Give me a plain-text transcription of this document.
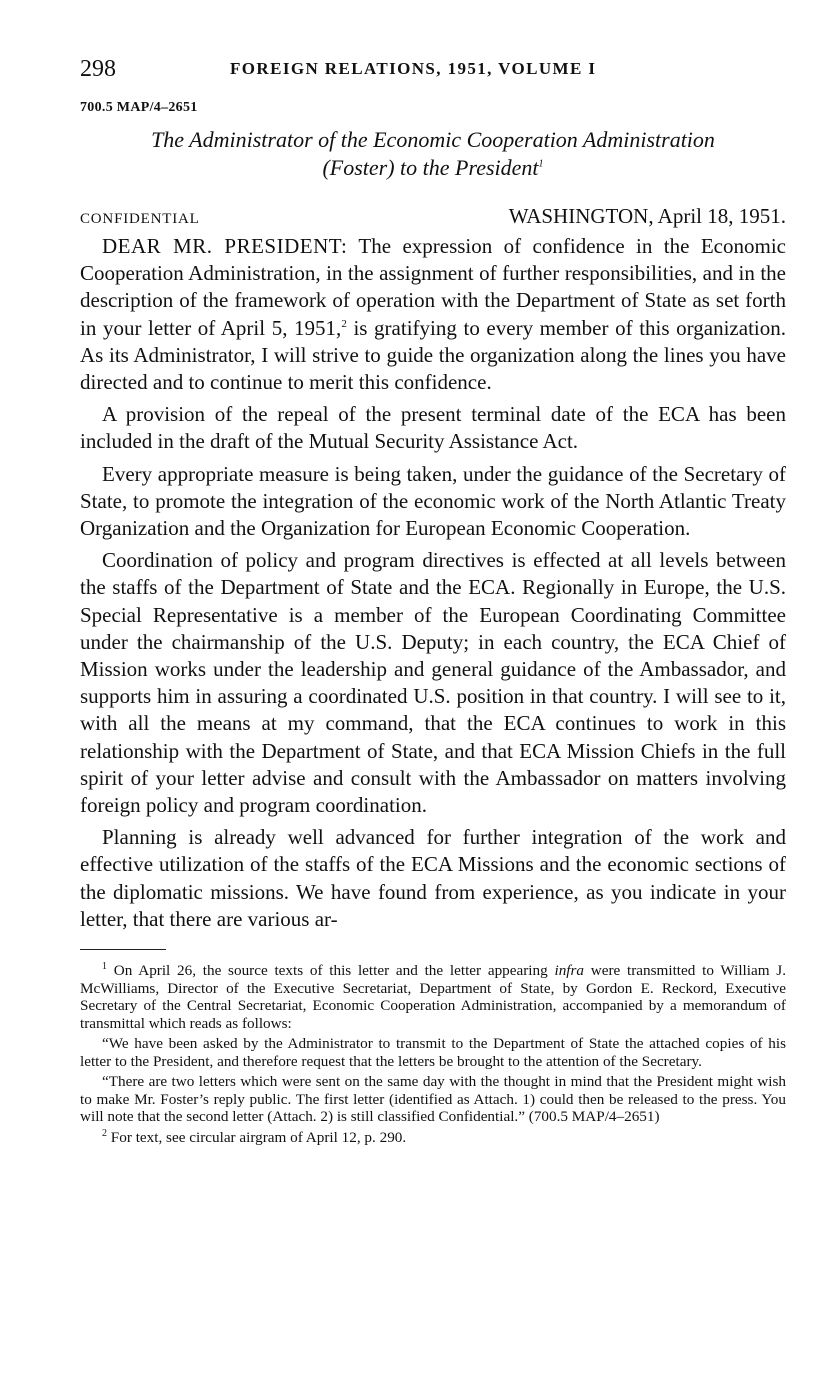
298	FOREIGN RELATIONS, 1951, VOLUME I
700.5 MAP/4–2651
The Administrator of the Economic Cooperation Administration
(Foster) to the President$^1$
CONFIDENTIAL	WASHINGTON, April 18, 1951.

DEAR MR. PRESIDENT: The expression of confidence in the Economic Cooperation Administration, in the assignment of further responsibilities, and in the description of the framework of operation with the Department of State as set forth in your letter of April 5, 1951,$^2$ is gratifying to every member of this organization. As its Administrator, I will strive to guide the organization along the lines you have directed and to continue to merit this confidence.

A provision of the repeal of the present terminal date of the ECA has been included in the draft of the Mutual Security Assistance Act.

Every appropriate measure is being taken, under the guidance of the Secretary of State, to promote the integration of the economic work of the North Atlantic Treaty Organization and the Organization for European Economic Cooperation.

Coordination of policy and program directives is effected at all levels between the staffs of the Department of State and the ECA. Regionally in Europe, the U.S. Special Representative is a member of the European Coordinating Committee under the chairmanship of the U.S. Deputy; in each country, the ECA Chief of Mission works under the leadership and general guidance of the Ambassador, and supports him in assuring a coordinated U.S. position in that country. I will see to it, with all the means at my command, that the ECA continues to work in this relationship with the Department of State, and that ECA Mission Chiefs in the full spirit of your letter advise and consult with the Ambassador on matters involving foreign policy and program coordination.

Planning is already well advanced for further integration of the work and effective utilization of the staffs of the ECA Missions and the economic sections of the diplomatic missions. We have found from experience, as you indicate in your letter, that there are various ar-

$^1$ On April 26, the source texts of this letter and the letter appearing infra were transmitted to William J. McWilliams, Director of the Executive Secretariat, Department of State, by Gordon E. Reckord, Executive Secretary of the Central Secretariat, Economic Cooperation Administration, accompanied by a memorandum of transmittal which reads as follows:

“We have been asked by the Administrator to transmit to the Department of State the attached copies of his letter to the President, and therefore request that the letters be brought to the attention of the Secretary.

“There are two letters which were sent on the same day with the thought in mind that the President might wish to make Mr. Foster’s reply public. The first letter (identified as Attach. 1) could then be released to the press. You will note that the second letter (Attach. 2) is still classified Confidential.” (700.5 MAP/4–2651)

$^2$ For text, see circular airgram of April 12, p. 290.
